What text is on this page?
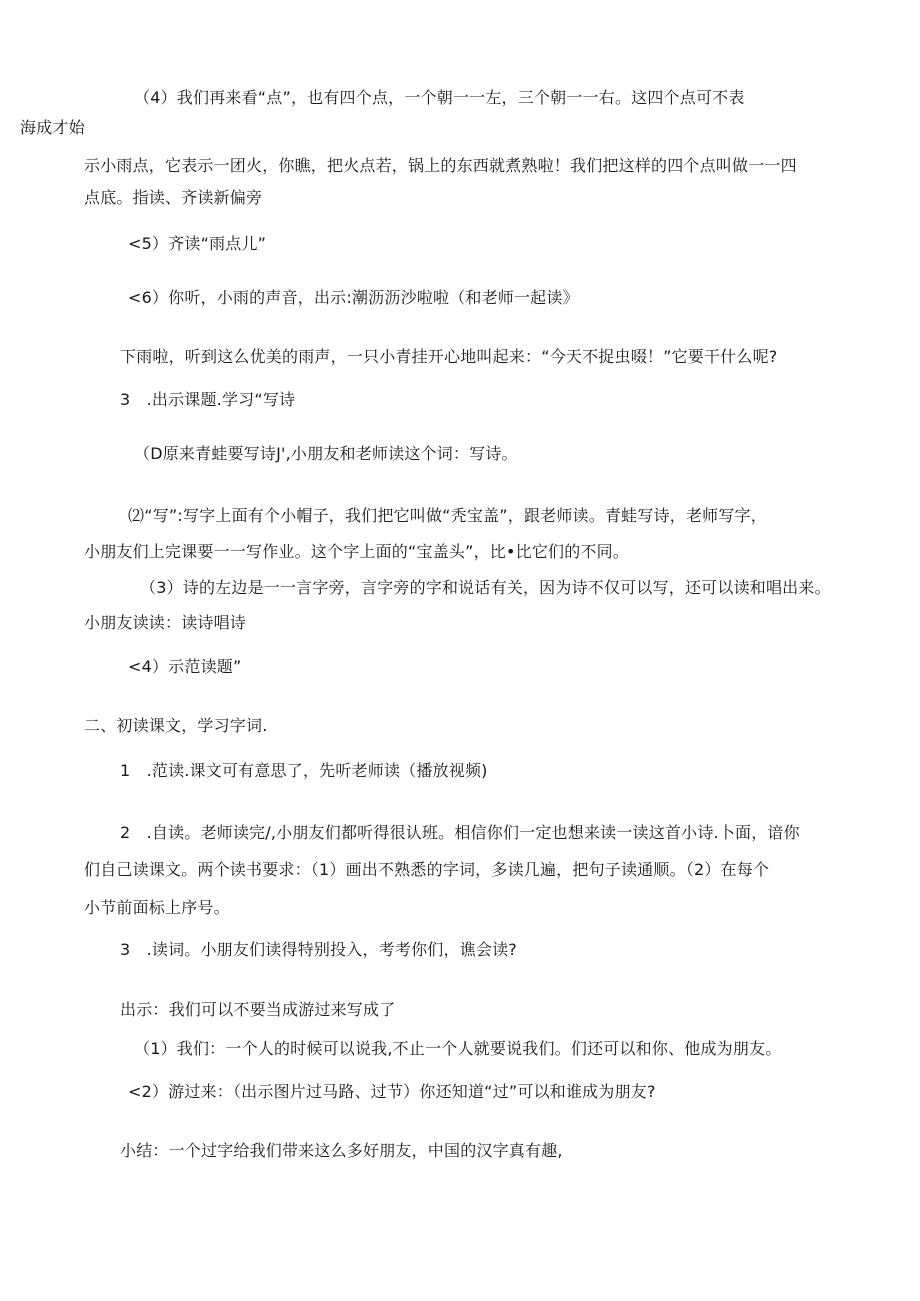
（4）我们再来看“点”，也有四个点，一个朝一一左，三个朝一一右。这四个点可不表
海成才始
示小雨点，它表示一团火，你瞧，把火点若，锅上的东西就煮熟啦！我们把这样的四个点叫做一一四
点底。指读、齐读新偏旁
<5）齐读“雨点儿”
<6）你听，小雨的声音，出示:潮沥沥沙啦啦（和老师一起读》
下雨啦，听到这么优美的雨声，一只小青挂开心地叫起来：“今天不捉虫啜！”它要干什么呢?
3　.出示课题.学习“写诗
（D原来青蛙要写诗J',小朋友和老师读这个词：写诗。
⑵“写”:写字上面有个小帽子，我们把它叫做“秃宝盖”，跟老师读。青蛙写诗，老师写字，
小朋友们上完课要一一写作业。这个字上面的“宝盖头”，比•比它们的不同。
（3）诗的左边是一一言字旁，言字旁的字和说话有关，因为诗不仅可以写，还可以读和唱出来。
小朋友读读：读诗唱诗
<4）示范读题”
二、初读课文，学习字词.
1　.范读.课文可有意思了，先听老师读（播放视频)
2　.自读。老师读完/,小朋友们都听得很认班。相信你们一定也想来读一读这首小诗.卜面，谙你
们自己读课文。两个读书要求：（1）画出不熟悉的字词，多读几遍，把句子读通顺。（2）在每个
小节前面标上序号。
3　.读词。小朋友们读得特别投入，考考你们，谯会读?
出示：我们可以不要当成游过来写成了
（1）我们：一个人的时候可以说我,不止一个人就要说我们。们还可以和你、他成为朋友。
<2）游过来：（出示图片过马路、过节）你还知道“过”可以和谁成为朋友?
小结：一个过字给我们带来这么多好朋友，中国的汉字真有趣,
